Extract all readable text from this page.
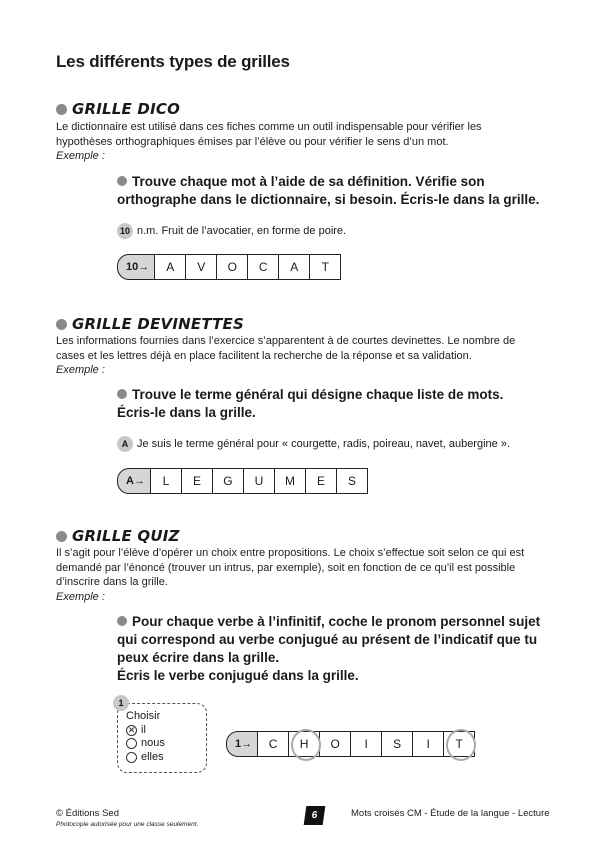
Les différents types de grilles
GRILLE DICO
Le dictionnaire est utilisé dans ces fiches comme un outil indispensable pour vérifier les hypothèses orthographiques émises par l’élève ou pour vérifier le sens d’un mot.
Exemple :
Trouve chaque mot à l’aide de sa définition. Vérifie son orthographe dans le dictionnaire, si besoin. Écris-le dans la grille.
10 n.m. Fruit de l’avocatier, en forme de poire.
10→	A	V	O	C	A	T
GRILLE DEVINETTES
Les informations fournies dans l’exercice s’apparentent à de courtes devinettes. Le nombre de cases et les lettres déjà en place facilitent la recherche de la réponse et sa validation.
Exemple :
Trouve le terme général qui désigne chaque liste de mots.
Écris-le dans la grille.
A Je suis le terme général pour « courgette, radis, poireau, navet, aubergine ».
A→	L	E	G	U	M	E	S
GRILLE QUIZ
Il s’agit pour l’élève d’opérer un choix entre propositions. Le choix s’effectue soit selon ce qui est demandé par l’énoncé (trouver un intrus, par exemple), soit en fonction de ce qu’il est possible d’inscrire dans la grille.
Exemple :
Pour chaque verbe à l’infinitif, coche le pronom personnel sujet qui correspond au verbe conjugué au présent de l’indicatif que tu peux écrire dans la grille.
Écris le verbe conjugué dans la grille.
Choisir
✕ il
nous
elles
1
1→	C	H	O	I	S	I	T
© Éditions Sed
Photocopie autorisée pour une classe seulement.
6	Mots croisés CM - Étude de la langue - Lecture
